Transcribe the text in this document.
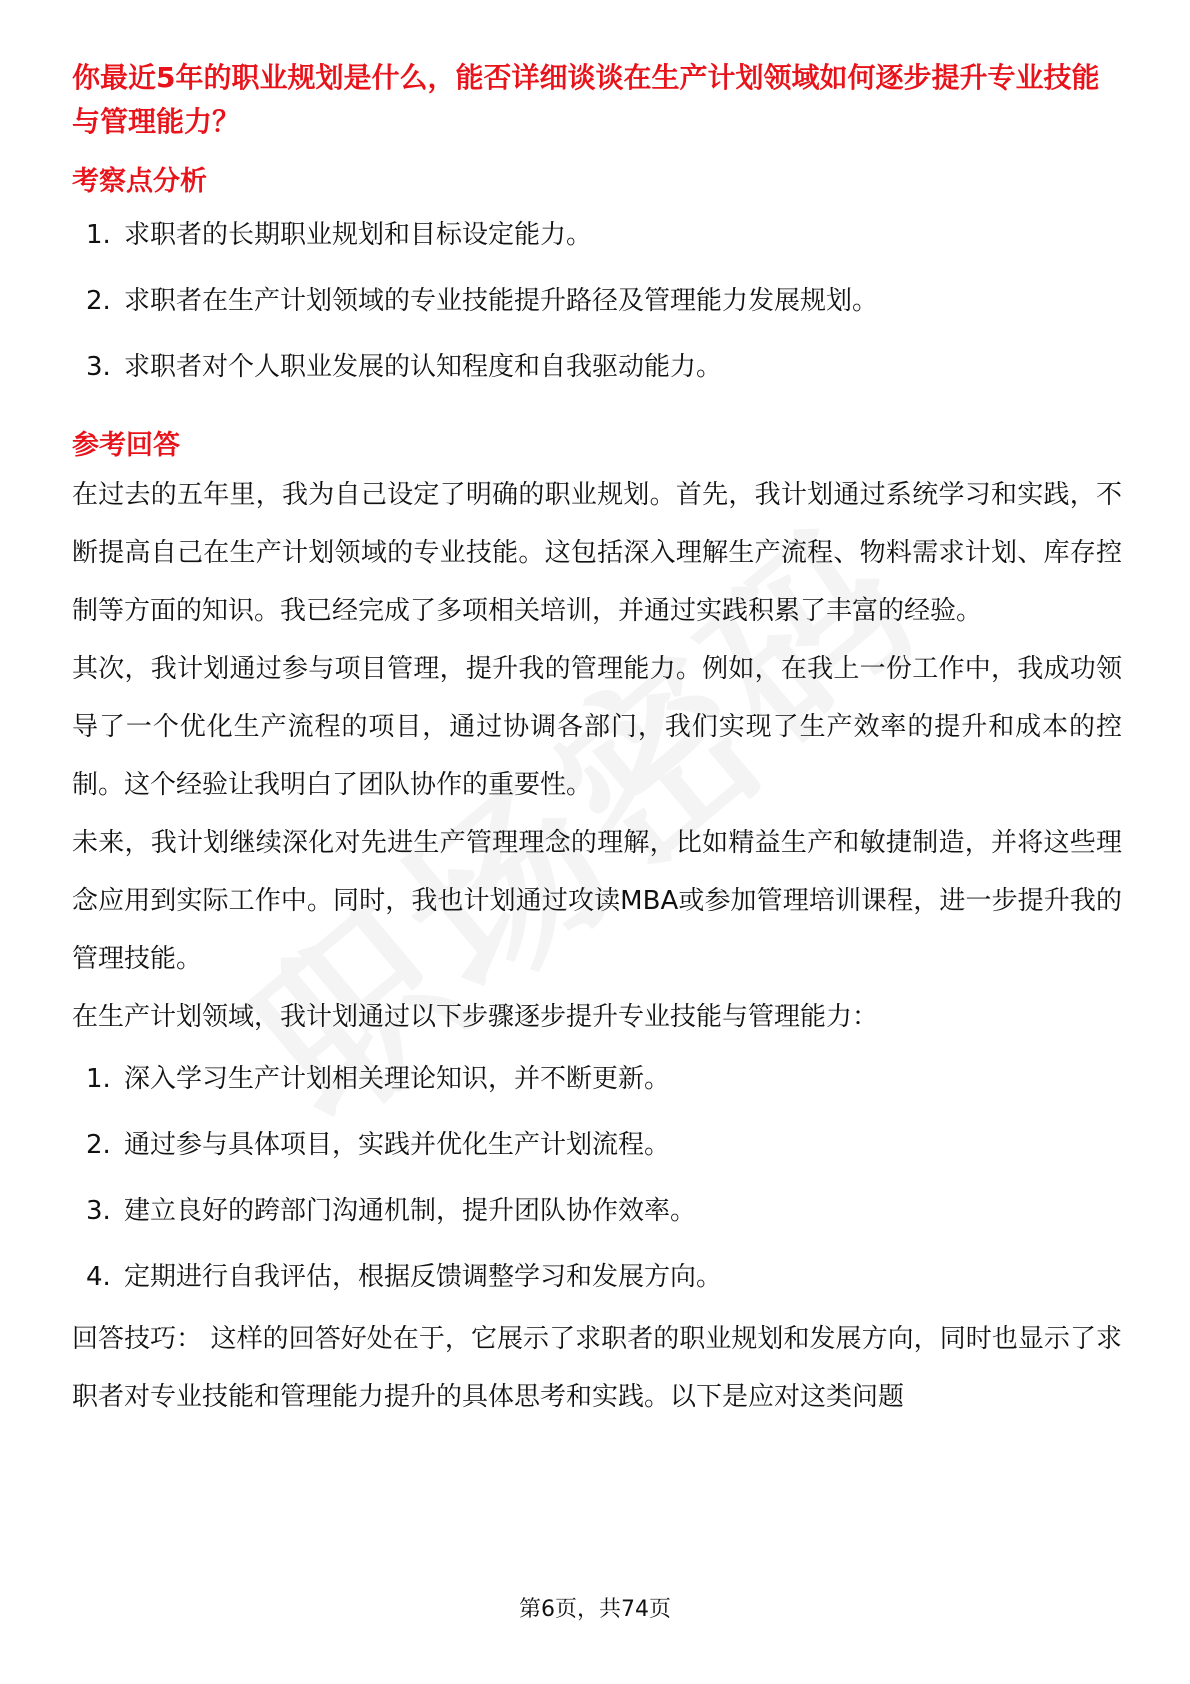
你最近5年的职业规划是什么，能否详细谈谈在生产计划领域如何逐步提升专业技能与管理能力？
考察点分析
1. 求职者的长期职业规划和目标设定能力。
2. 求职者在生产计划领域的专业技能提升路径及管理能力发展规划。
3. 求职者对个人职业发展的认知程度和自我驱动能力。
参考回答

在过去的五年里，我为自己设定了明确的职业规划。首先，我计划通过系统学习和实践，不断提高自己在生产计划领域的专业技能。这包括深入理解生产流程、物料需求计划、库存控制等方面的知识。我已经完成了多项相关培训，并通过实践积累了丰富的经验。

其次，我计划通过参与项目管理，提升我的管理能力。例如，在我上一份工作中，我成功领导了一个优化生产流程的项目，通过协调各部门，我们实现了生产效率的提升和成本的控制。这个经验让我明白了团队协作的重要性。

未来，我计划继续深化对先进生产管理理念的理解，比如精益生产和敏捷制造，并将这些理念应用到实际工作中。同时，我也计划通过攻读MBA或参加管理培训课程，进一步提升我的管理技能。

在生产计划领域，我计划通过以下步骤逐步提升专业技能与管理能力：

1. 深入学习生产计划相关理论知识，并不断更新。
2. 通过参与具体项目，实践并优化生产计划流程。
3. 建立良好的跨部门沟通机制，提升团队协作效率。
4. 定期进行自我评估，根据反馈调整学习和发展方向。

回答技巧： 这样的回答好处在于，它展示了求职者的职业规划和发展方向，同时也显示了求职者对专业技能和管理能力提升的具体思考和实践。以下是应对这类问题

第6页，共74页
